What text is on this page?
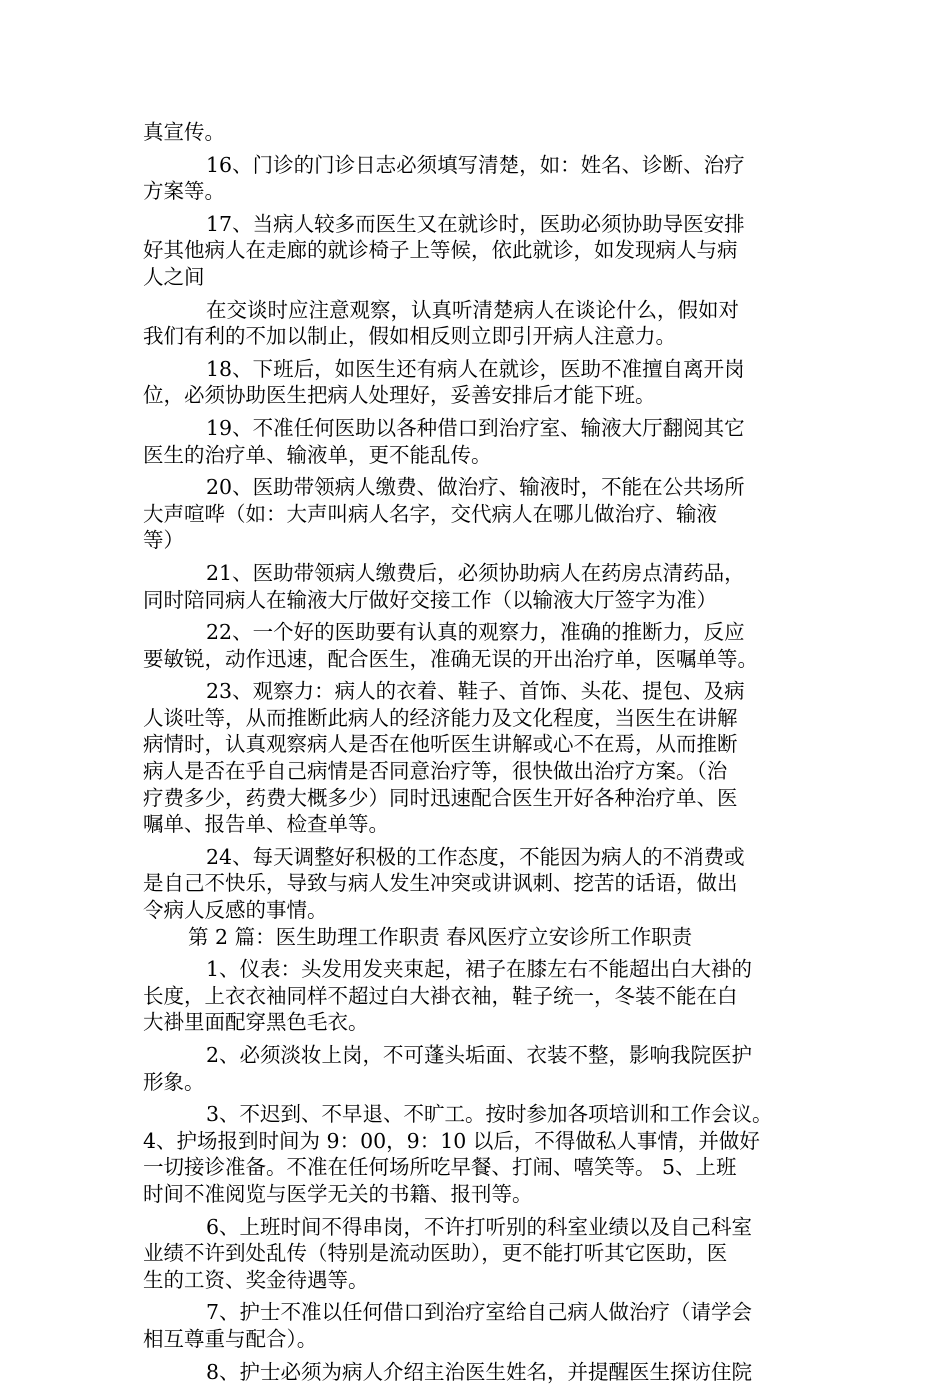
真宣传。
16、门诊的门诊日志必须填写清楚，如：姓名、诊断、治疗
方案等。
17、当病人较多而医生又在就诊时，医助必须协助导医安排
好其他病人在走廊的就诊椅子上等候，依此就诊，如发现病人与病
人之间
在交谈时应注意观察，认真听清楚病人在谈论什么，假如对
我们有利的不加以制止，假如相反则立即引开病人注意力。
18、下班后，如医生还有病人在就诊，医助不准擅自离开岗
位，必须协助医生把病人处理好，妥善安排后才能下班。
19、不准任何医助以各种借口到治疗室、输液大厅翻阅其它
医生的治疗单、输液单，更不能乱传。
20、医助带领病人缴费、做治疗、输液时，不能在公共场所
大声喧哗（如：大声叫病人名字，交代病人在哪儿做治疗、输液
等）
21、医助带领病人缴费后，必须协助病人在药房点清药品，
同时陪同病人在输液大厅做好交接工作（以输液大厅签字为准）
22、一个好的医助要有认真的观察力，准确的推断力，反应
要敏锐，动作迅速，配合医生，准确无误的开出治疗单，医嘱单等。
23、观察力：病人的衣着、鞋子、首饰、头花、提包、及病
人谈吐等，从而推断此病人的经济能力及文化程度，当医生在讲解
病情时，认真观察病人是否在他听医生讲解或心不在焉，从而推断
病人是否在乎自己病情是否同意治疗等，很快做出治疗方案。（治
疗费多少，药费大概多少）同时迅速配合医生开好各种治疗单、医
嘱单、报告单、检查单等。
24、每天调整好积极的工作态度，不能因为病人的不消费或
是自己不快乐，导致与病人发生冲突或讲讽刺、挖苦的话语，做出
令病人反感的事情。
第 2 篇：医生助理工作职责 春风医疗立安诊所工作职责
1、仪表：头发用发夹束起，裙子在膝左右不能超出白大褂的
长度，上衣衣袖同样不超过白大褂衣袖，鞋子统一，冬装不能在白
大褂里面配穿黑色毛衣。
2、必须淡妆上岗，不可蓬头垢面、衣装不整，影响我院医护
形象。
3、不迟到、不早退、不旷工。按时参加各项培训和工作会议。
4、护场报到时间为 9：00，9：10 以后，不得做私人事情，并做好
一切接诊准备。不准在任何场所吃早餐、打闹、嘻笑等。 5、上班
时间不准阅览与医学无关的书籍、报刊等。
6、上班时间不得串岗，不许打听别的科室业绩以及自己科室
业绩不许到处乱传（特别是流动医助），更不能打听其它医助，医
生的工资、奖金待遇等。
7、护士不准以任何借口到治疗室给自己病人做治疗（请学会
相互尊重与配合）。
8、护士必须为病人介绍主治医生姓名，并提醒医生探访住院
